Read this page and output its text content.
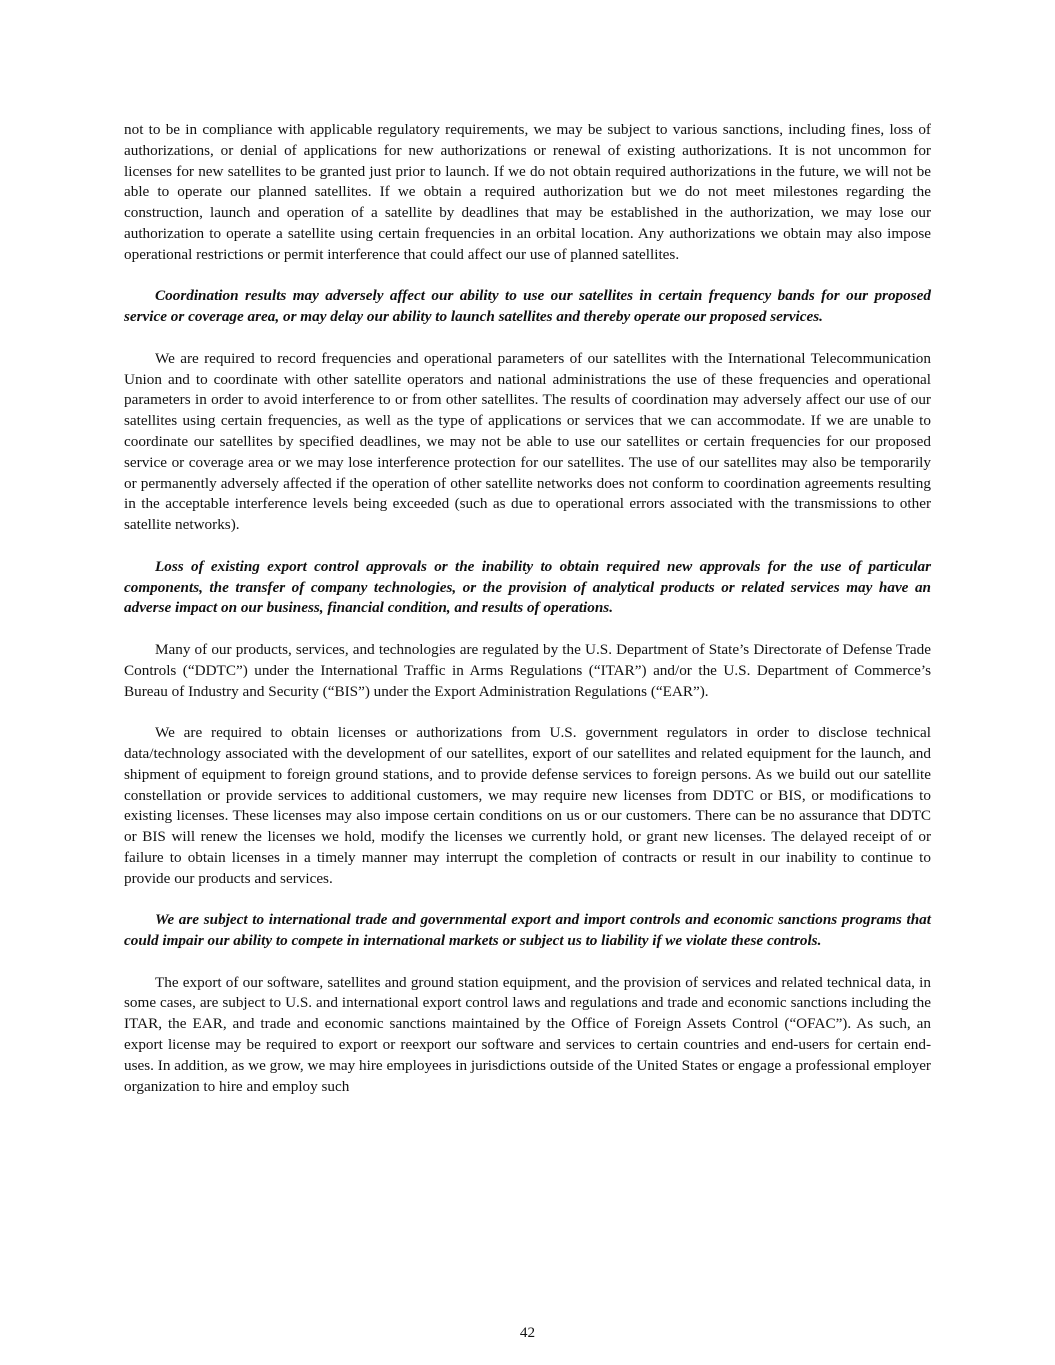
not to be in compliance with applicable regulatory requirements, we may be subject to various sanctions, including fines, loss of authorizations, or denial of applications for new authorizations or renewal of existing authorizations. It is not uncommon for licenses for new satellites to be granted just prior to launch. If we do not obtain required authorizations in the future, we will not be able to operate our planned satellites. If we obtain a required authorization but we do not meet milestones regarding the construction, launch and operation of a satellite by deadlines that may be established in the authorization, we may lose our authorization to operate a satellite using certain frequencies in an orbital location. Any authorizations we obtain may also impose operational restrictions or permit interference that could affect our use of planned satellites.

Coordination results may adversely affect our ability to use our satellites in certain frequency bands for our proposed service or coverage area, or may delay our ability to launch satellites and thereby operate our proposed services.

We are required to record frequencies and operational parameters of our satellites with the International Telecommunication Union and to coordinate with other satellite operators and national administrations the use of these frequencies and operational parameters in order to avoid interference to or from other satellites. The results of coordination may adversely affect our use of our satellites using certain frequencies, as well as the type of applications or services that we can accommodate. If we are unable to coordinate our satellites by specified deadlines, we may not be able to use our satellites or certain frequencies for our proposed service or coverage area or we may lose interference protection for our satellites. The use of our satellites may also be temporarily or permanently adversely affected if the operation of other satellite networks does not conform to coordination agreements resulting in the acceptable interference levels being exceeded (such as due to operational errors associated with the transmissions to other satellite networks).

Loss of existing export control approvals or the inability to obtain required new approvals for the use of particular components, the transfer of company technologies, or the provision of analytical products or related services may have an adverse impact on our business, financial condition, and results of operations.

Many of our products, services, and technologies are regulated by the U.S. Department of State’s Directorate of Defense Trade Controls (“DDTC”) under the International Traffic in Arms Regulations (“ITAR”) and/or the U.S. Department of Commerce’s Bureau of Industry and Security (“BIS”) under the Export Administration Regulations (“EAR”).

We are required to obtain licenses or authorizations from U.S. government regulators in order to disclose technical data/technology associated with the development of our satellites, export of our satellites and related equipment for the launch, and shipment of equipment to foreign ground stations, and to provide defense services to foreign persons. As we build out our satellite constellation or provide services to additional customers, we may require new licenses from DDTC or BIS, or modifications to existing licenses. These licenses may also impose certain conditions on us or our customers. There can be no assurance that DDTC or BIS will renew the licenses we hold, modify the licenses we currently hold, or grant new licenses. The delayed receipt of or failure to obtain licenses in a timely manner may interrupt the completion of contracts or result in our inability to continue to provide our products and services.

We are subject to international trade and governmental export and import controls and economic sanctions programs that could impair our ability to compete in international markets or subject us to liability if we violate these controls.

The export of our software, satellites and ground station equipment, and the provision of services and related technical data, in some cases, are subject to U.S. and international export control laws and regulations and trade and economic sanctions including the ITAR, the EAR, and trade and economic sanctions maintained by the Office of Foreign Assets Control (“OFAC”). As such, an export license may be required to export or reexport our software and services to certain countries and end-users for certain end-uses. In addition, as we grow, we may hire employees in jurisdictions outside of the United States or engage a professional employer organization to hire and employ such

42
